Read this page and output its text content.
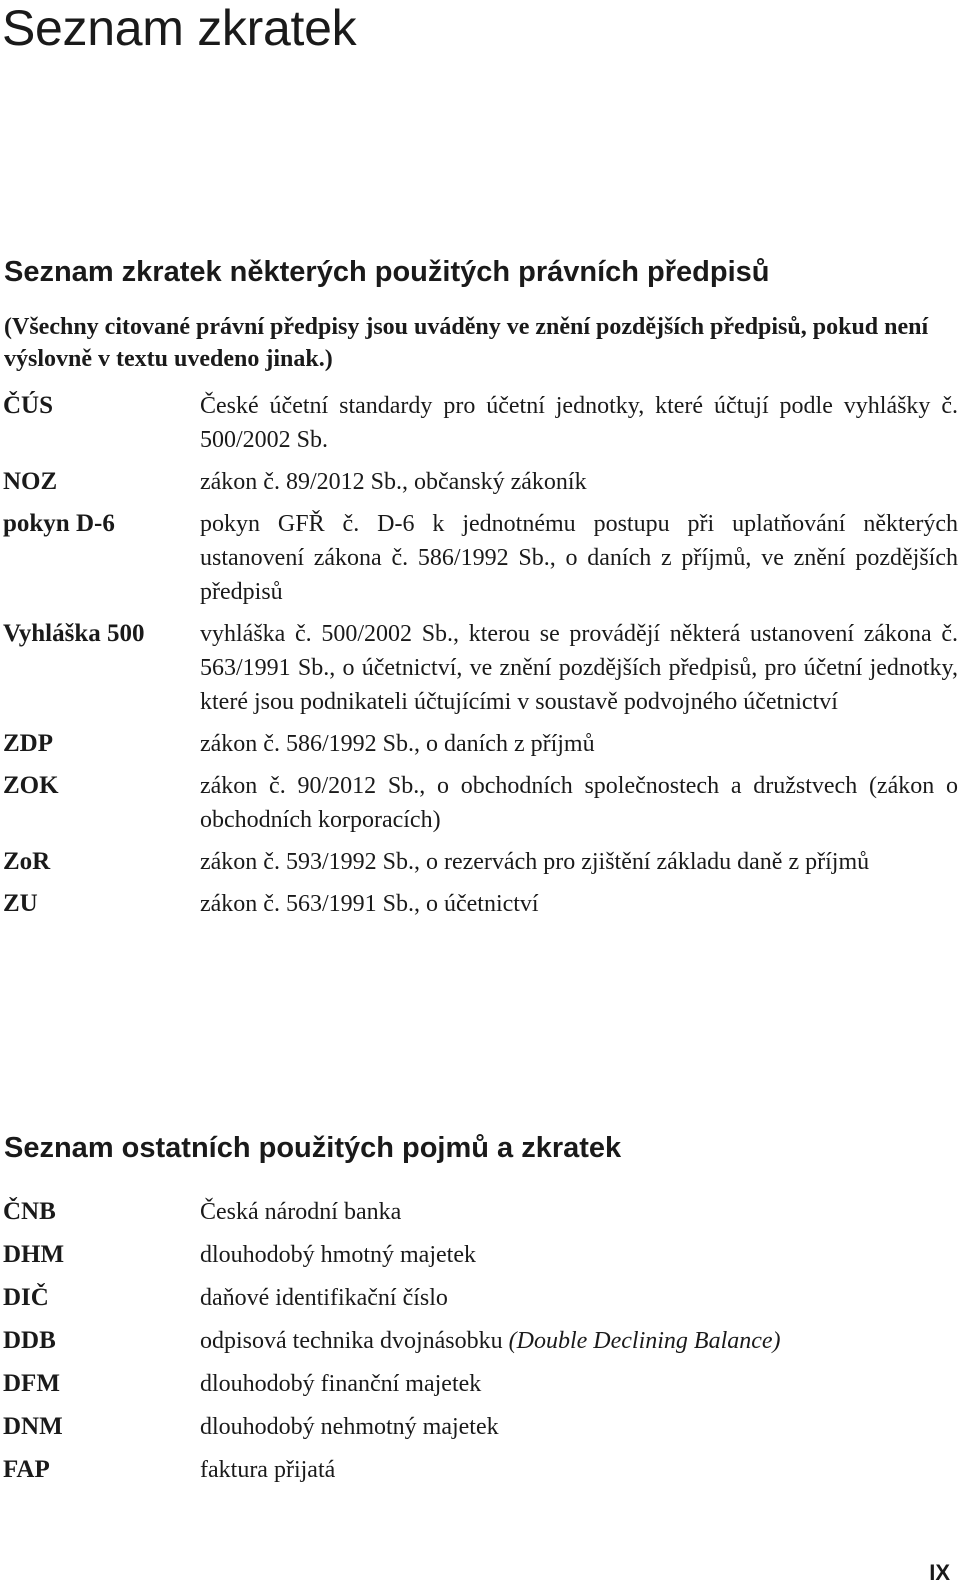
Seznam zkratek
Seznam zkratek některých použitých právních předpisů

(Všechny citované právní předpisy jsou uváděny ve znění pozdějších předpisů, pokud není výslovně v textu uvedeno jinak.)

ČÚS	České účetní standardy pro účetní jednotky, které účtují podle vyhlášky č. 500/2002 Sb.
NOZ	zákon č. 89/2012 Sb., občanský zákoník
pokyn D-6	pokyn GFŘ č. D-6 k jednotnému postupu při uplatňování některých ustanovení zákona č. 586/1992 Sb., o daních z příjmů, ve znění pozdějších předpisů
Vyhláška 500	vyhláška č. 500/2002 Sb., kterou se provádějí některá ustanovení zákona č. 563/1991 Sb., o účetnictví, ve znění pozdějších předpisů, pro účetní jednotky, které jsou podnikateli účtujícími v soustavě podvojného účetnictví
ZDP	zákon č. 586/1992 Sb., o daních z příjmů
ZOK	zákon č. 90/2012 Sb., o obchodních společnostech a družstvech (zákon o obchodních korporacích)
ZoR	zákon č. 593/1992 Sb., o rezervách pro zjištění základu daně z příjmů
ZU	zákon č. 563/1991 Sb., o účetnictví
Seznam ostatních použitých pojmů a zkratek
ČNB	Česká národní banka
DHM	dlouhodobý hmotný majetek
DIČ	daňové identifikační číslo
DDB	odpisová technika dvojnásobku (Double Declining Balance)
DFM	dlouhodobý finanční majetek
DNM	dlouhodobý nehmotný majetek
FAP	faktura přijatá
IX
